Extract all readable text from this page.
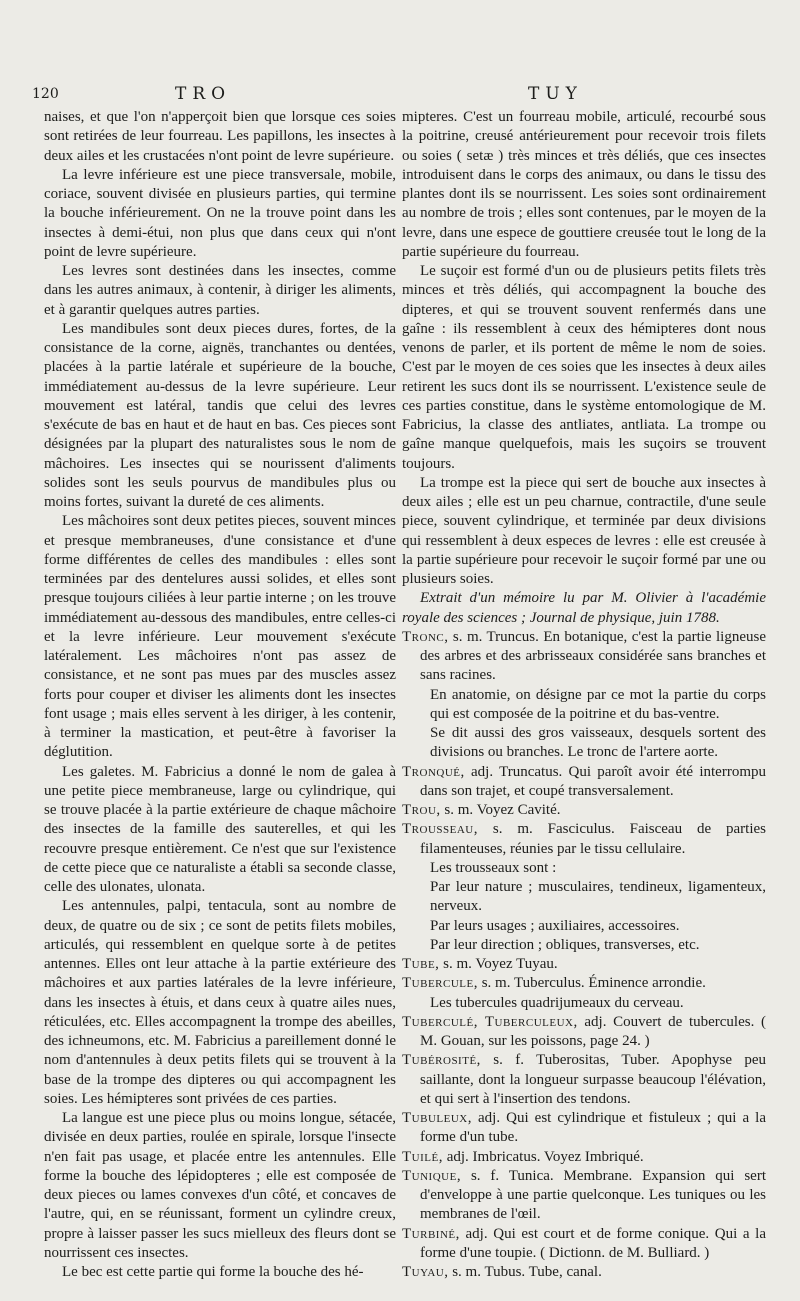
120	TRO	TUY

naises, et que l'on n'apperçoit bien que lorsque ces soies sont retirées de leur fourreau. Les papillons, les insectes à deux ailes et les crustacées n'ont point de levre supérieure.

La levre inférieure est une piece transversale, mobile, coriace, souvent divisée en plusieurs parties, qui termine la bouche inférieurement. On ne la trouve point dans les insectes à demi-étui, non plus que dans ceux qui n'ont point de levre supérieure.

Les levres sont destinées dans les insectes, comme dans les autres animaux, à contenir, à diriger les aliments, et à garantir quelques autres parties.

Les mandibules sont deux pieces dures, fortes, de la consistance de la corne, aignës, tranchantes ou dentées, placées à la partie latérale et supérieure de la bouche, immédiatement au-dessus de la levre supérieure. Leur mouvement est latéral, tandis que celui des levres s'exécute de bas en haut et de haut en bas. Ces pieces sont désignées par la plupart des naturalistes sous le nom de mâchoires. Les insectes qui se nourissent d'aliments solides sont les seuls pourvus de mandibules plus ou moins fortes, suivant la dureté de ces aliments.

Les mâchoires sont deux petites pieces, souvent minces et presque membraneuses, d'une consistance et d'une forme différentes de celles des mandibules : elles sont terminées par des dentelures aussi solides, et elles sont presque toujours ciliées à leur partie interne ; on les trouve immédiatement au-dessous des mandibules, entre celles-ci et la levre inférieure. Leur mouvement s'exécute latéralement. Les mâchoires n'ont pas assez de consistance, et ne sont pas mues par des muscles assez forts pour couper et diviser les aliments dont les insectes font usage ; mais elles servent à les diriger, à les contenir, à terminer la mastication, et peut-être à favoriser la déglutition.

Les galetes. M. Fabricius a donné le nom de galea à une petite piece membraneuse, large ou cylindrique, qui se trouve placée à la partie extérieure de chaque mâchoire des insectes de la famille des sauterelles, et qui les recouvre presque entièrement. Ce n'est que sur l'existence de cette piece que ce naturaliste a établi sa seconde classe, celle des ulonates, ulonata.

Les antennules, palpi, tentacula, sont au nombre de deux, de quatre ou de six ; ce sont de petits filets mobiles, articulés, qui ressemblent en quelque sorte à de petites antennes. Elles ont leur attache à la partie extérieure des mâchoires et aux parties latérales de la levre inférieure, dans les insectes à étuis, et dans ceux à quatre ailes nues, réticulées, etc. Elles accompagnent la trompe des abeilles, des ichneumons, etc. M. Fabricius a pareillement donné le nom d'antennules à deux petits filets qui se trouvent à la base de la trompe des dipteres ou qui accompagnent les soies. Les hémipteres sont privées de ces parties.

La langue est une piece plus ou moins longue, sétacée, divisée en deux parties, roulée en spirale, lorsque l'insecte n'en fait pas usage, et placée entre les antennules. Elle forme la bouche des lépidopteres ; elle est composée de deux pieces ou lames convexes d'un côté, et concaves de l'autre, qui, en se réunissant, forment un cylindre creux, propre à laisser passer les sucs mielleux des fleurs dont se nourrissent ces insectes.

Le bec est cette partie qui forme la bouche des hé-

mipteres. C'est un fourreau mobile, articulé, recourbé sous la poitrine, creusé antérieurement pour recevoir trois filets ou soies ( setæ ) très minces et très déliés, que ces insectes introduisent dans le corps des animaux, ou dans le tissu des plantes dont ils se nourrissent. Les soies sont ordinairement au nombre de trois ; elles sont contenues, par le moyen de la levre, dans une espece de gouttiere creusée tout le long de la partie supérieure du fourreau.

Le suçoir est formé d'un ou de plusieurs petits filets très minces et très déliés, qui accompagnent la bouche des dipteres, et qui se trouvent souvent renfermés dans une gaîne : ils ressemblent à ceux des hémipteres dont nous venons de parler, et ils portent de même le nom de soies. C'est par le moyen de ces soies que les insectes à deux ailes retirent les sucs dont ils se nourrissent. L'existence seule de ces parties constitue, dans le système entomologique de M. Fabricius, la classe des antliates, antliata. La trompe ou gaîne manque quelquefois, mais les suçoirs se trouvent toujours.

La trompe est la piece qui sert de bouche aux insectes à deux ailes ; elle est un peu charnue, contractile, d'une seule piece, souvent cylindrique, et terminée par deux divisions qui ressemblent à deux especes de levres : elle est creusée à la partie supérieure pour recevoir le suçoir formé par une ou plusieurs soies.

Extrait d'un mémoire lu par M. Olivier à l'académie royale des sciences ; Journal de physique, juin 1788.

Tronc, s. m. Truncus. En botanique, c'est la partie ligneuse des arbres et des arbrisseaux considérée sans branches et sans racines.

En anatomie, on désigne par ce mot la partie du corps qui est composée de la poitrine et du bas-ventre.

Se dit aussi des gros vaisseaux, desquels sortent des divisions ou branches. Le tronc de l'artere aorte.

Tronqué, adj. Truncatus. Qui paroît avoir été interrompu dans son trajet, et coupé transversalement.

Trou, s. m. Voyez Cavité.

Trousseau, s. m. Fasciculus. Faisceau de parties filamenteuses, réunies par le tissu cellulaire.

Les trousseaux sont :

Par leur nature ; musculaires, tendineux, ligamenteux, nerveux.

Par leurs usages ; auxiliaires, accessoires.

Par leur direction ; obliques, transverses, etc.

Tube, s. m. Voyez Tuyau.

Tubercule, s. m. Tuberculus. Éminence arrondie.

Les tubercules quadrijumeaux du cerveau.

Tuberculé, Tuberculeux, adj. Couvert de tubercules. ( M. Gouan, sur les poissons, page 24. )

Tubérosité, s. f. Tuberositas, Tuber. Apophyse peu saillante, dont la longueur surpasse beaucoup l'élévation, et qui sert à l'insertion des tendons.

Tubuleux, adj. Qui est cylindrique et fistuleux ; qui a la forme d'un tube.

Tuilé, adj. Imbricatus. Voyez Imbriqué.

Tunique, s. f. Tunica. Membrane. Expansion qui sert d'enveloppe à une partie quelconque. Les tuniques ou les membranes de l'œil.

Turbiné, adj. Qui est court et de forme conique. Qui a la forme d'une toupie. ( Dictionn. de M. Bulliard. )

Tuyau, s. m. Tubus. Tube, canal.
